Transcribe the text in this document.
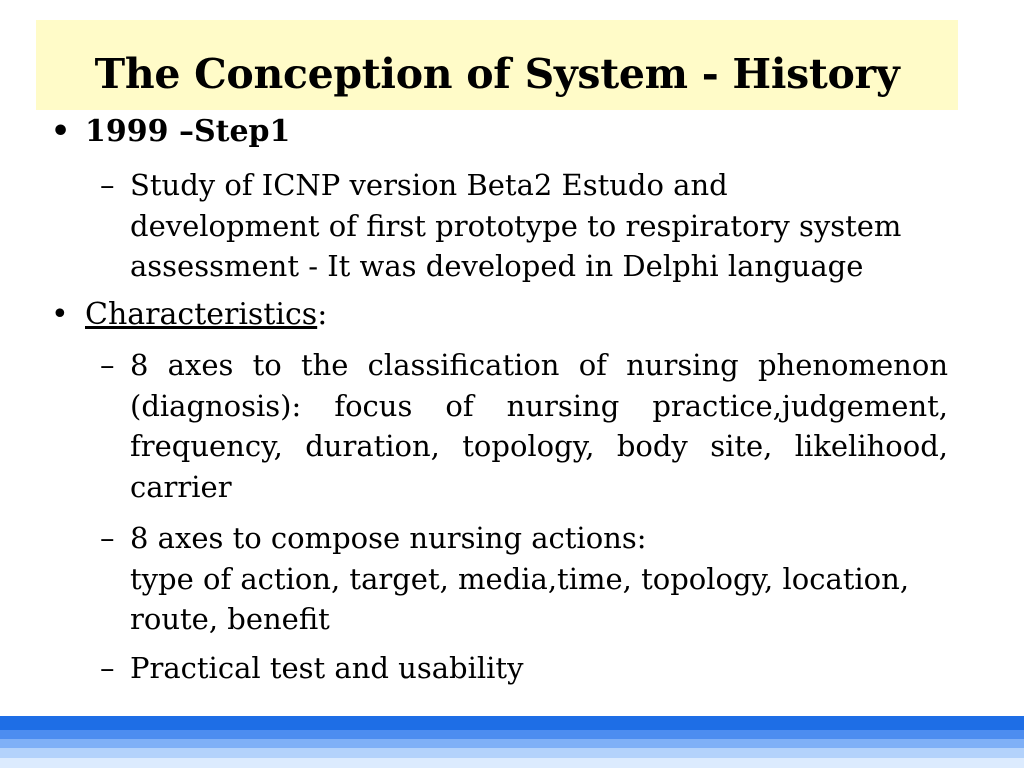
The Conception of System - History
• 1999 –Step1
– Study of ICNP version Beta2 Estudo and
development of first prototype to respiratory system
assessment - It was developed in Delphi language
• Characteristics:
– 8 axes to the classification of nursing phenomenon
(diagnosis): focus of nursing practice,judgement,
frequency, duration, topology, body site, likelihood,
carrier
– 8 axes to compose nursing actions:
type of action, target, media,time, topology, location,
route, benefit
– Practical test and usability
